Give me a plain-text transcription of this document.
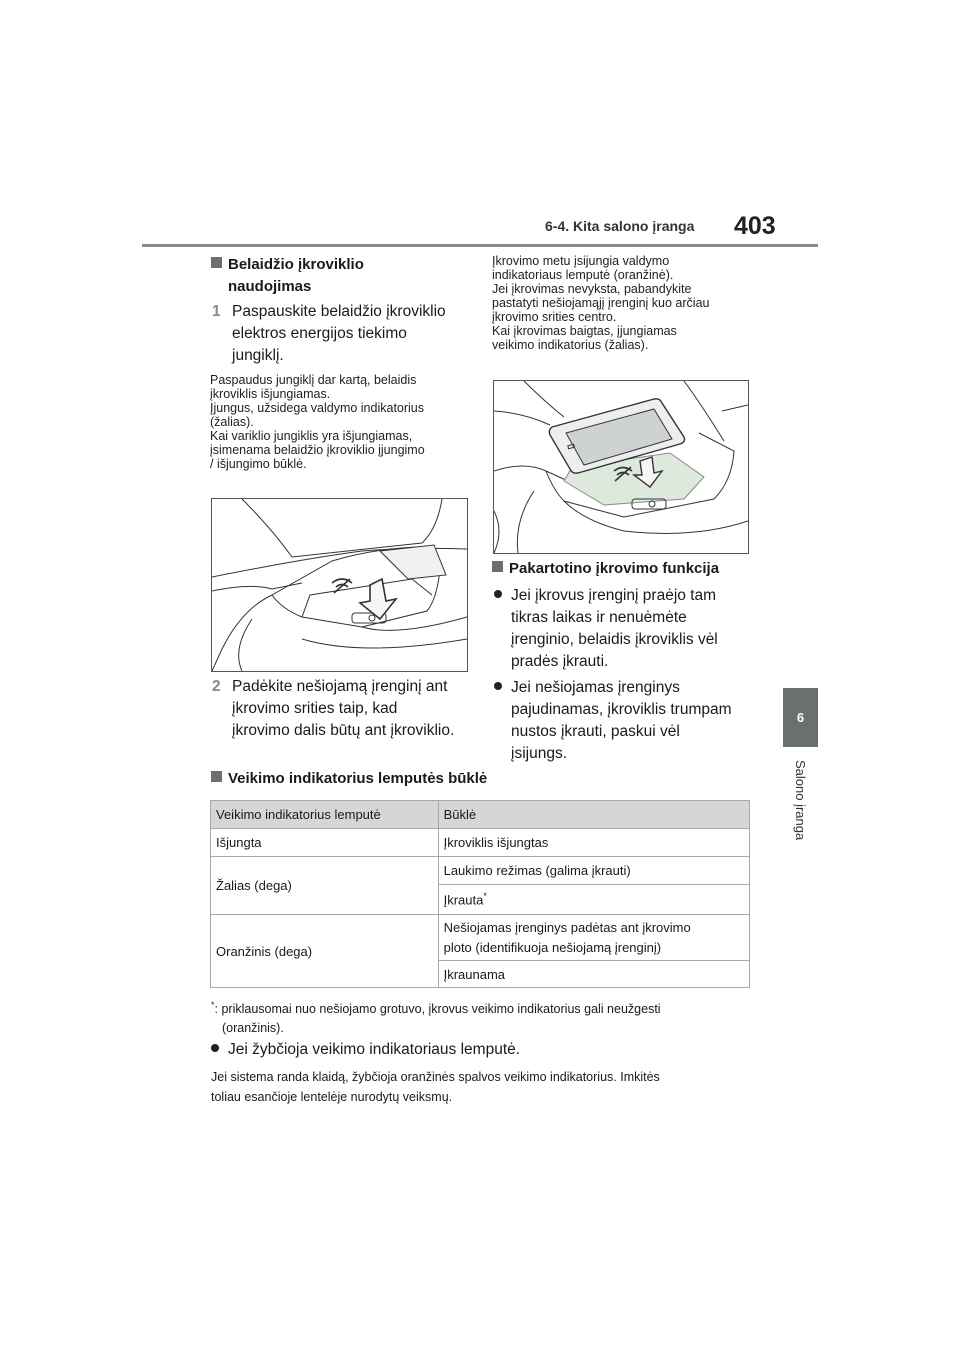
6-4. Kita salono įranga 403
6
Salono įranga
Belaidžio įkroviklio
naudojimas
1 Paspauskite belaidžio įkroviklio
elektros energijos tiekimo
jungiklį.
Paspaudus jungiklį dar kartą, belaidis
įkroviklis išjungiamas.
Įjungus, užsidega valdymo indikatorius
(žalias).
Kai variklio jungiklis yra išjungiamas,
įsimenama belaidžio įkroviklio įjungimo
/ išjungimo būklė.
2 Padėkite nešiojamą įrenginį ant
įkrovimo srities taip, kad
įkrovimo dalis būtų ant įkroviklio.
Įkrovimo metu įsijungia valdymo
indikatoriaus lemputė (oranžinė).
Jei įkrovimas nevyksta, pabandykite
pastatyti nešiojamąjį įrenginį kuo arčiau
įkrovimo srities centro.
Kai įkrovimas baigtas, įjungiamas
veikimo indikatorius (žalias).
Pakartotino įkrovimo funkcija
Jei įkrovus įrenginį praėjo tam
tikras laikas ir nenuėmėte
įrenginio, belaidis įkroviklis vėl
pradės įkrauti.
Jei nešiojamas įrenginys
pajudinamas, įkroviklis trumpam
nustos įkrauti, paskui vėl
įsijungs.
Veikimo indikatorius lemputės būklė
Veikimo indikatorius lemputė	Būklė
Išjungta	Įkroviklis išjungtas
Žalias (dega)	Laukimo režimas (galima įkrauti)
	Įkrauta*
Oranžinis (dega)	Nešiojamas įrenginys padėtas ant įkrovimo
ploto (identifikuoja nešiojamą įrenginį)

	Įkraunama
*: priklausomai nuo nešiojamo grotuvo, įkrovus veikimo indikatorius gali neužgesti
(oranžinis).
Jei žybčioja veikimo indikatoriaus lemputė.
Jei sistema randa klaidą, žybčioja oranžinės spalvos veikimo indikatorius. Imkitės
toliau esančioje lentelėje nurodytų veiksmų.
